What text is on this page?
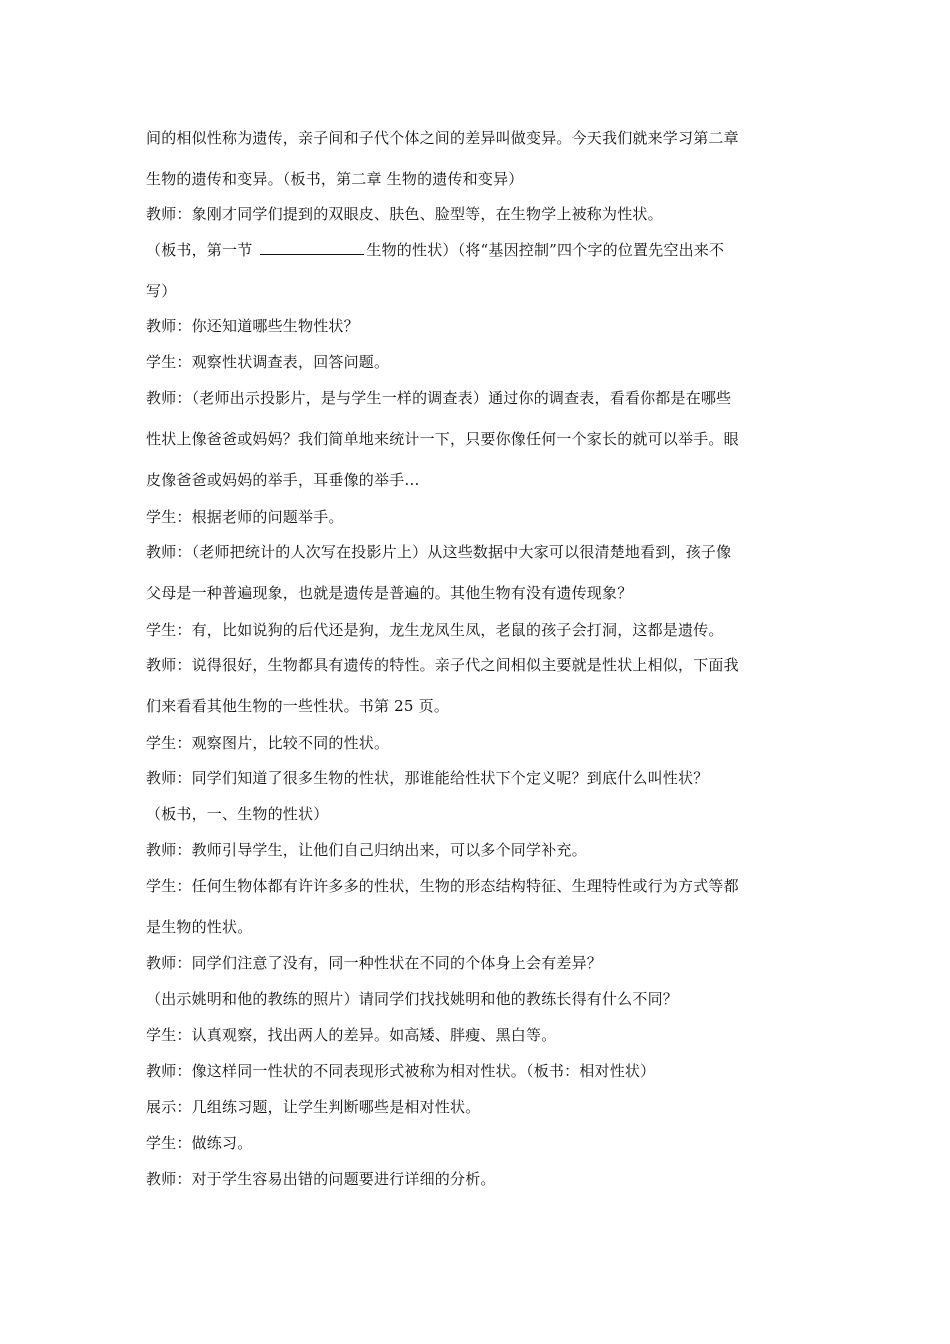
间的相似性称为遗传，亲子间和子代个体之间的差异叫做变异。今天我们就来学习第二章
生物的遗传和变异。（板书，第二章 生物的遗传和变异）
教师：象刚才同学们提到的双眼皮、肤色、脸型等，在生物学上被称为性状。
（板书，第一节	生物的性状）（将“基因控制”四个字的位置先空出来不
写）
教师：你还知道哪些生物性状？
学生：观察性状调查表，回答问题。
教师：（老师出示投影片，是与学生一样的调查表）通过你的调查表，看看你都是在哪些
性状上像爸爸或妈妈？我们简单地来统计一下，只要你像任何一个家长的就可以举手。眼
皮像爸爸或妈妈的举手，耳垂像的举手…
学生：根据老师的问题举手。
教师：（老师把统计的人次写在投影片上）从这些数据中大家可以很清楚地看到，孩子像
父母是一种普遍现象，也就是遗传是普遍的。其他生物有没有遗传现象？
学生：有，比如说狗的后代还是狗，龙生龙凤生凤，老鼠的孩子会打洞，这都是遗传。
教师：说得很好，生物都具有遗传的特性。亲子代之间相似主要就是性状上相似，下面我
们来看看其他生物的一些性状。书第 25 页。
学生：观察图片，比较不同的性状。
教师：同学们知道了很多生物的性状，那谁能给性状下个定义呢？到底什么叫性状？
（板书，一、生物的性状）
教师：教师引导学生，让他们自己归纳出来，可以多个同学补充。
学生：任何生物体都有许许多多的性状，生物的形态结构特征、生理特性或行为方式等都
是生物的性状。
教师：同学们注意了没有，同一种性状在不同的个体身上会有差异？
（出示姚明和他的教练的照片）请同学们找找姚明和他的教练长得有什么不同？
学生：认真观察，找出两人的差异。如高矮、胖瘦、黑白等。
教师：像这样同一性状的不同表现形式被称为相对性状。（板书：相对性状）
展示：几组练习题，让学生判断哪些是相对性状。
学生：做练习。
教师：对于学生容易出错的问题要进行详细的分析。
